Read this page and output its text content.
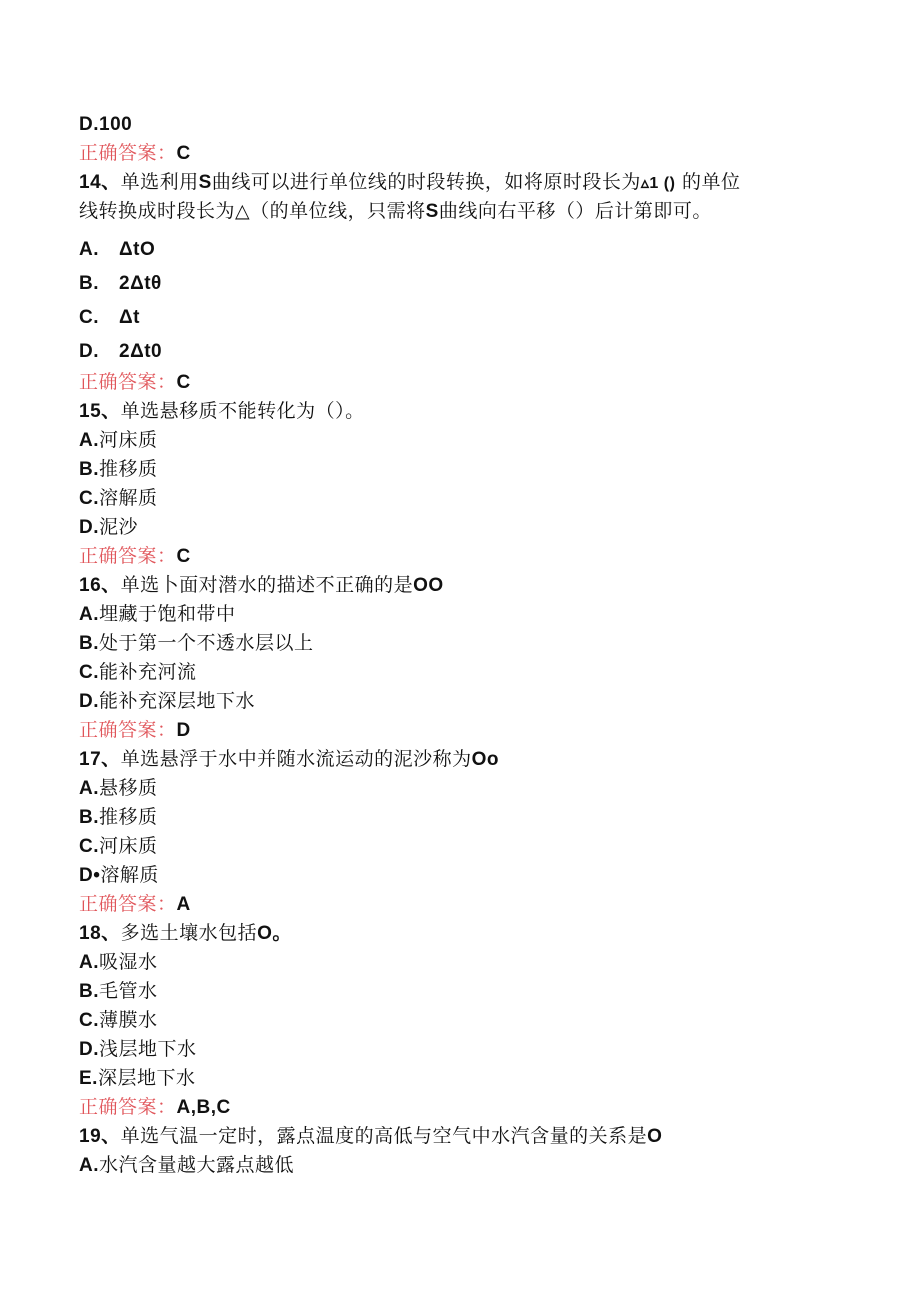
D.100
正确答案：C
14、单选利用S曲线可以进行单位线的时段转换，如将原时段长为▵1 () 的单位
线转换成时段长为△（的单位线，只需将S曲线向右平移（）后计第即可。
A. ΔtO
B. 2Δtθ
C. Δt
D. 2Δt0
正确答案：C
15、单选悬移质不能转化为（）。
A.河床质
B.推移质
C.溶解质
D.泥沙
正确答案：C
16、单选卜面对潜水的描述不正确的是OO
A.埋藏于饱和带中
B.处于第一个不透水层以上
C.能补充河流
D.能补充深层地下水
正确答案：D
17、单选悬浮于水中并随水流运动的泥沙称为Oo
A.悬移质
B.推移质
C.河床质
D•溶解质
正确答案：A
18、多选土壤水包括O。
A.吸湿水
B.毛管水
C.薄膜水
D.浅层地下水
E.深层地下水
正确答案：A,B,C
19、单选气温一定时，露点温度的高低与空气中水汽含量的关系是O
A.水汽含量越大露点越低
